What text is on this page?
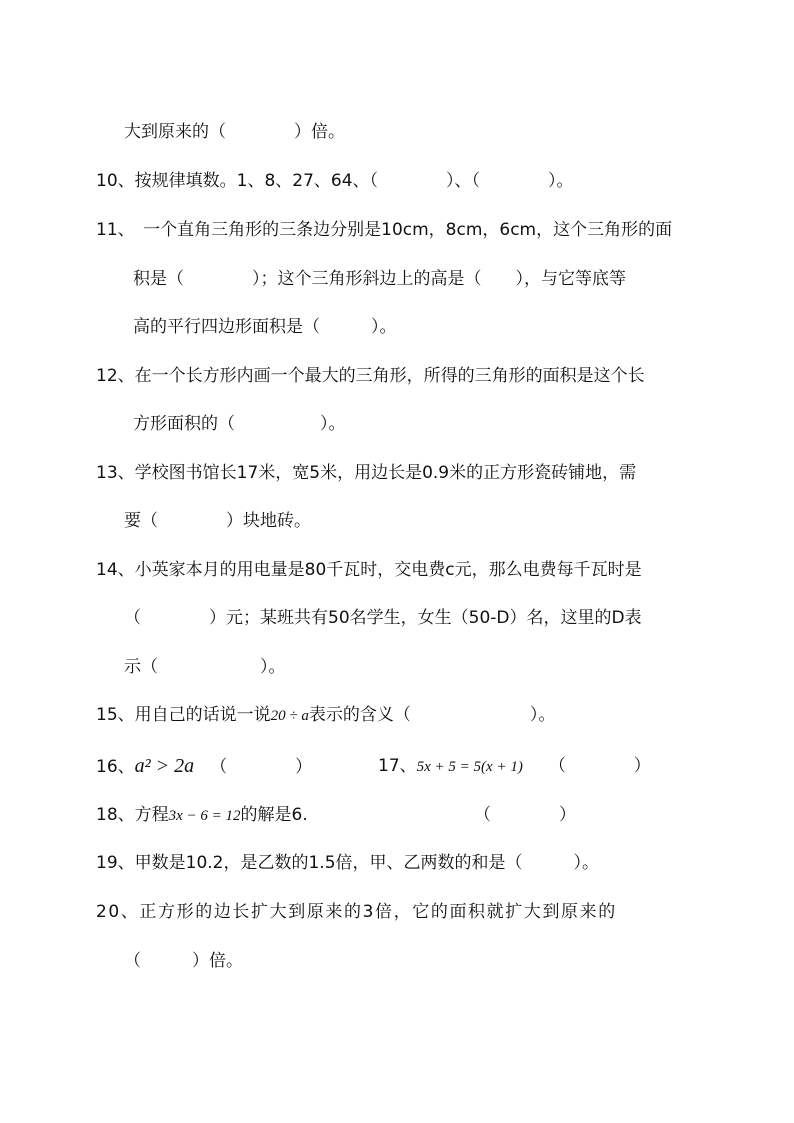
大到原来的（　　　　）倍。
10、按规律填数。1、8、27、64、（　　　　）、（　　　　）。
11、　一个直角三角形的三条边分别是10cm，8cm，6cm，这个三角形的面
积是（　　　　）；这个三角形斜边上的高是（　　），与它等底等
高的平行四边形面积是（　　　）。
12、在一个长方形内画一个最大的三角形，所得的三角形的面积是这个长
方形面积的（　　　　　）。
13、学校图书馆长17米，宽5米，用边长是0.9米的正方形瓷砖铺地，需
要（　　　　）块地砖。
14、小英家本月的用电量是80千瓦时，交电费c元，那么电费每千瓦时是
（　　　　）元；某班共有50名学生，女生（50-D）名，这里的D表
示（　　　　　　）。
15、用自己的话说一说20 ÷ a表示的含义（　　　　　　　）。
16、a² > 2a （　　　　）	17、5x + 5 = 5(x + 1) （　　　　）
18、方程3x − 6 = 12的解是6.	（　　　　）
19、甲数是10.2，是乙数的1.5倍，甲、乙两数的和是（　　　）。
20、正方形的边长扩大到原来的3倍，它的面积就扩大到原来的
（　　　）倍。
